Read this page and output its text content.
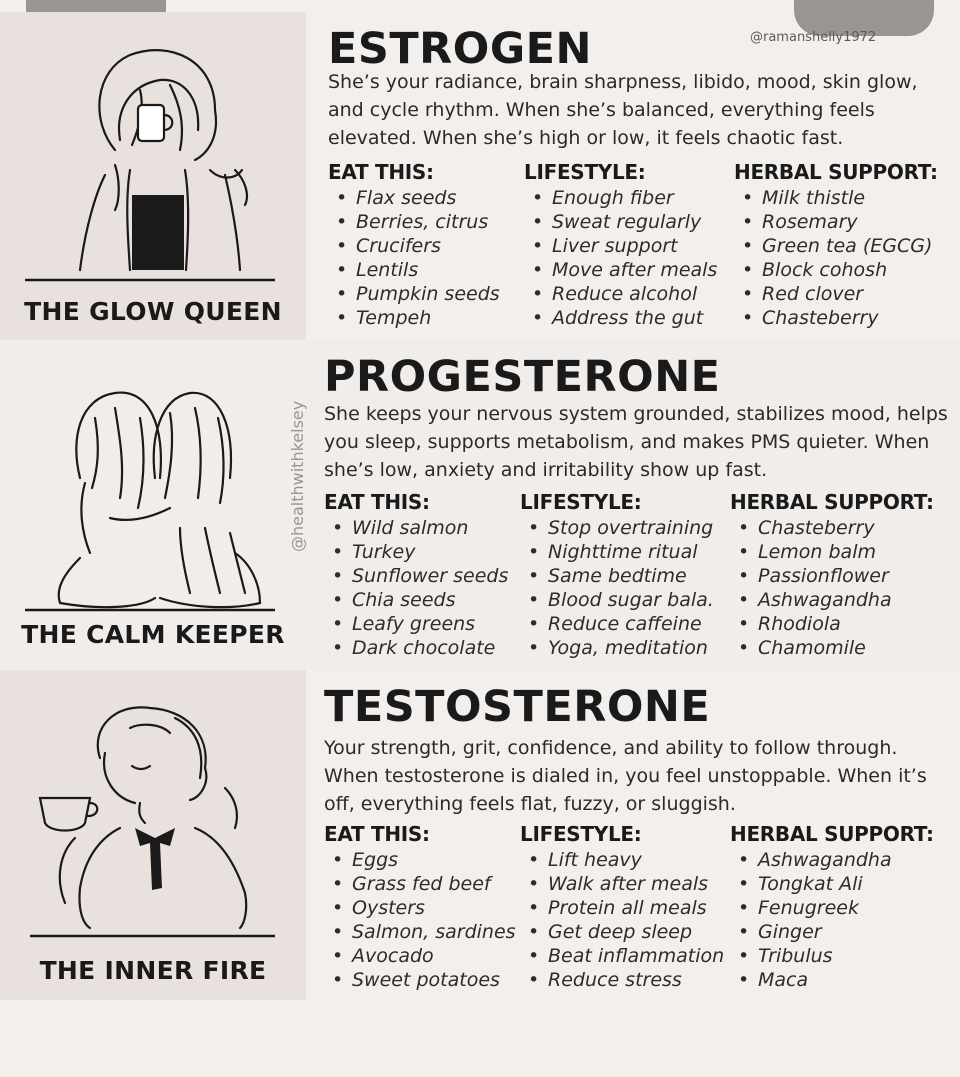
THE GLOW QUEEN
ESTROGEN
She’s your radiance, brain sharpness, libido, mood, skin glow, and cycle rhythm. When she’s balanced, everything feels elevated. When she’s high or low, it feels chaotic fast.
EAT THIS:
• Flax seeds
• Berries, citrus
• Crucifers
• Lentils
• Pumpkin seeds
• Tempeh
LIFESTYLE:
• Enough fiber
• Sweat regularly
• Liver support
• Move after meals
• Reduce alcohol
• Address the gut
HERBAL SUPPORT:
• Milk thistle
• Rosemary
• Green tea (EGCG)
• Block cohosh
• Red clover
• Chasteberry
THE CALM KEEPER
PROGESTERONE
She keeps your nervous system grounded, stabilizes mood, helps you sleep, supports metabolism, and makes PMS quieter. When she’s low, anxiety and irritability show up fast.
EAT THIS:
• Wild salmon
• Turkey
• Sunflower seeds
• Chia seeds
• Leafy greens
• Dark chocolate
LIFESTYLE:
• Stop overtraining
• Nighttime ritual
• Same bedtime
• Blood sugar bala.
• Reduce caffeine
• Yoga, meditation
HERBAL SUPPORT:
• Chasteberry
• Lemon balm
• Passionflower
• Ashwagandha
• Rhodiola
• Chamomile
THE INNER FIRE
TESTOSTERONE
Your strength, grit, confidence, and ability to follow through. When testosterone is dialed in, you feel unstoppable. When it’s off, everything feels flat, fuzzy, or sluggish.
EAT THIS:
• Eggs
• Grass fed beef
• Oysters
• Salmon, sardines
• Avocado
• Sweet potatoes
LIFESTYLE:
• Lift heavy
• Walk after meals
• Protein all meals
• Get deep sleep
• Beat inflammation
• Reduce stress
HERBAL SUPPORT:
• Ashwagandha
• Tongkat Ali
• Fenugreek
• Ginger
• Tribulus
• Maca
@ramanshelly1972
@healthwithkelsey
